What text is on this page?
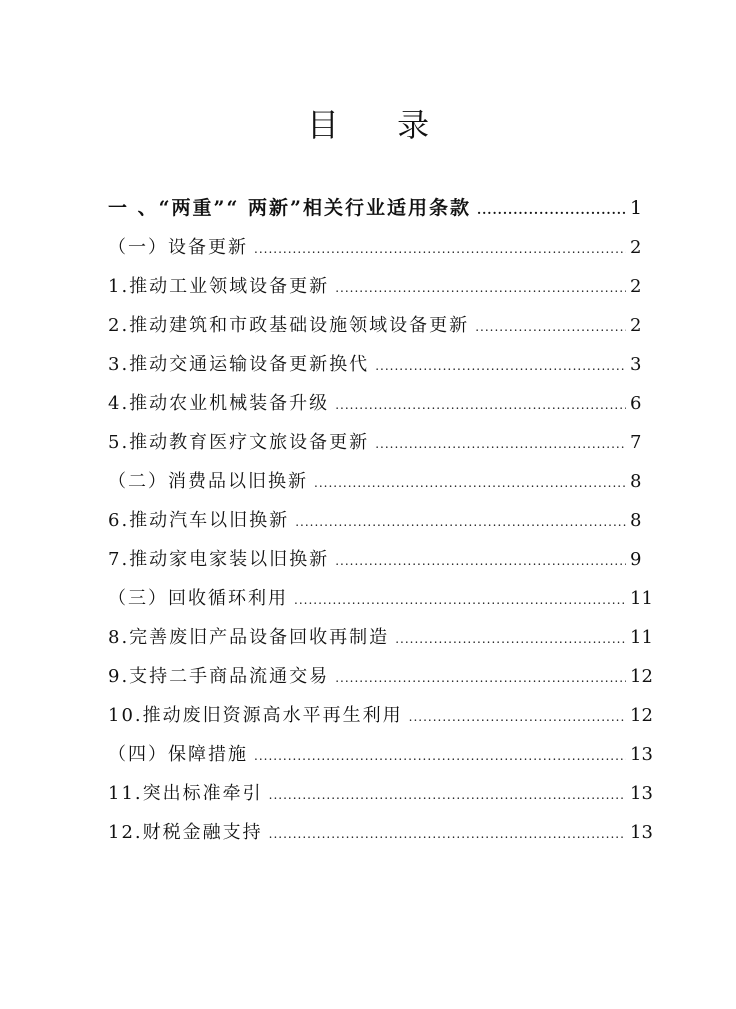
目 录
一 、“两重”“ 两新”相关行业适用条款 .....	1
（一）设备更新 .....	2
1.推动工业领域设备更新 .....	2
2.推动建筑和市政基础设施领域设备更新 .....	2
3.推动交通运输设备更新换代 .....	3
4.推动农业机械装备升级 .....	6
5.推动教育医疗文旅设备更新 .....	7
（二）消费品以旧换新 .....	8
6.推动汽车以旧换新 .....	8
7.推动家电家装以旧换新 .....	9
（三）回收循环利用 .....	11
8.完善废旧产品设备回收再制造 .....	11
9.支持二手商品流通交易 .....	12
10.推动废旧资源高水平再生利用 .....	12
（四）保障措施 .....	13
11.突出标准牵引 .....	13
12.财税金融支持 .....	13
